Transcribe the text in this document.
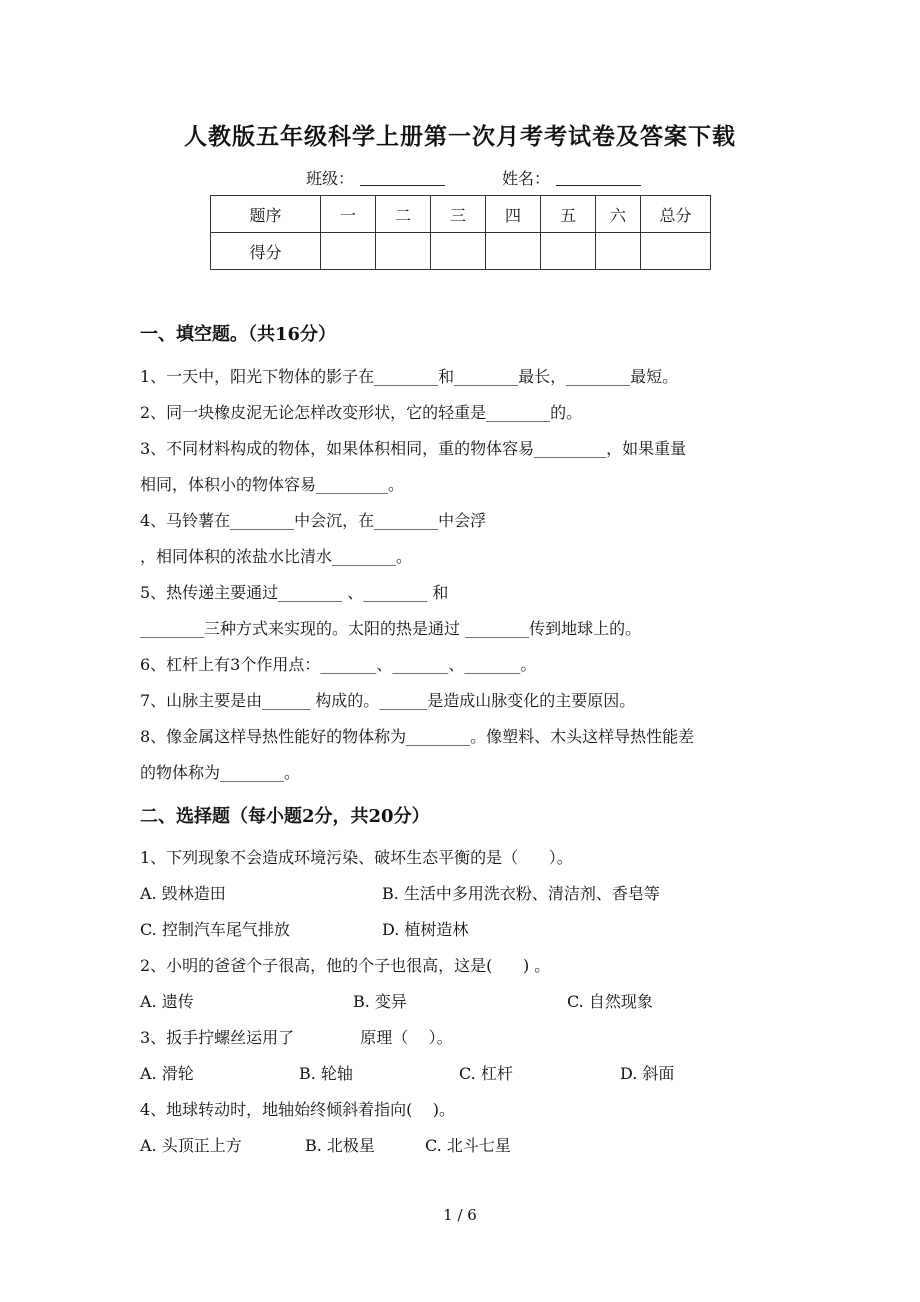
人教版五年级科学上册第一次月考考试卷及答案下载
班级：	姓名：
题序	一	二	三	四	五	六	总分
得分							
一、填空题。（共16分）
1、一天中，阳光下物体的影子在________和________最长，________最短。
2、同一块橡皮泥无论怎样改变形状，它的轻重是________的。
3、不同材料构成的物体，如果体积相同，重的物体容易_________，如果重量
相同，体积小的物体容易_________。
4、马铃薯在________中会沉，在________中会浮
，相同体积的浓盐水比清水________。
5、热传递主要通过________ 、________ 和
________三种方式来实现的。太阳的热是通过 ________传到地球上的。
6、杠杆上有3个作用点：_______、_______、_______。
7、山脉主要是由______ 构成的。______是造成山脉变化的主要原因。
8、像金属这样导热性能好的物体称为________。像塑料、木头这样导热性能差
的物体称为________。
二、选择题（每小题2分，共20分）
1、下列现象不会造成环境污染、破坏生态平衡的是（      ）。
A. 毁林造田	B. 生活中多用洗衣粉、清洁剂、香皂等
C. 控制汽车尾气排放	D. 植树造林
2、小明的爸爸个子很高，他的个子也很高，这是(      ) 。
A. 遗传	B. 变异	C. 自然现象
3、扳手拧螺丝运用了             原理（    ）。
A. 滑轮	B. 轮轴	C. 杠杆	D. 斜面
4、地球转动时，地轴始终倾斜着指向(    )。
A. 头顶正上方	B. 北极星	C. 北斗七星
1 / 6
